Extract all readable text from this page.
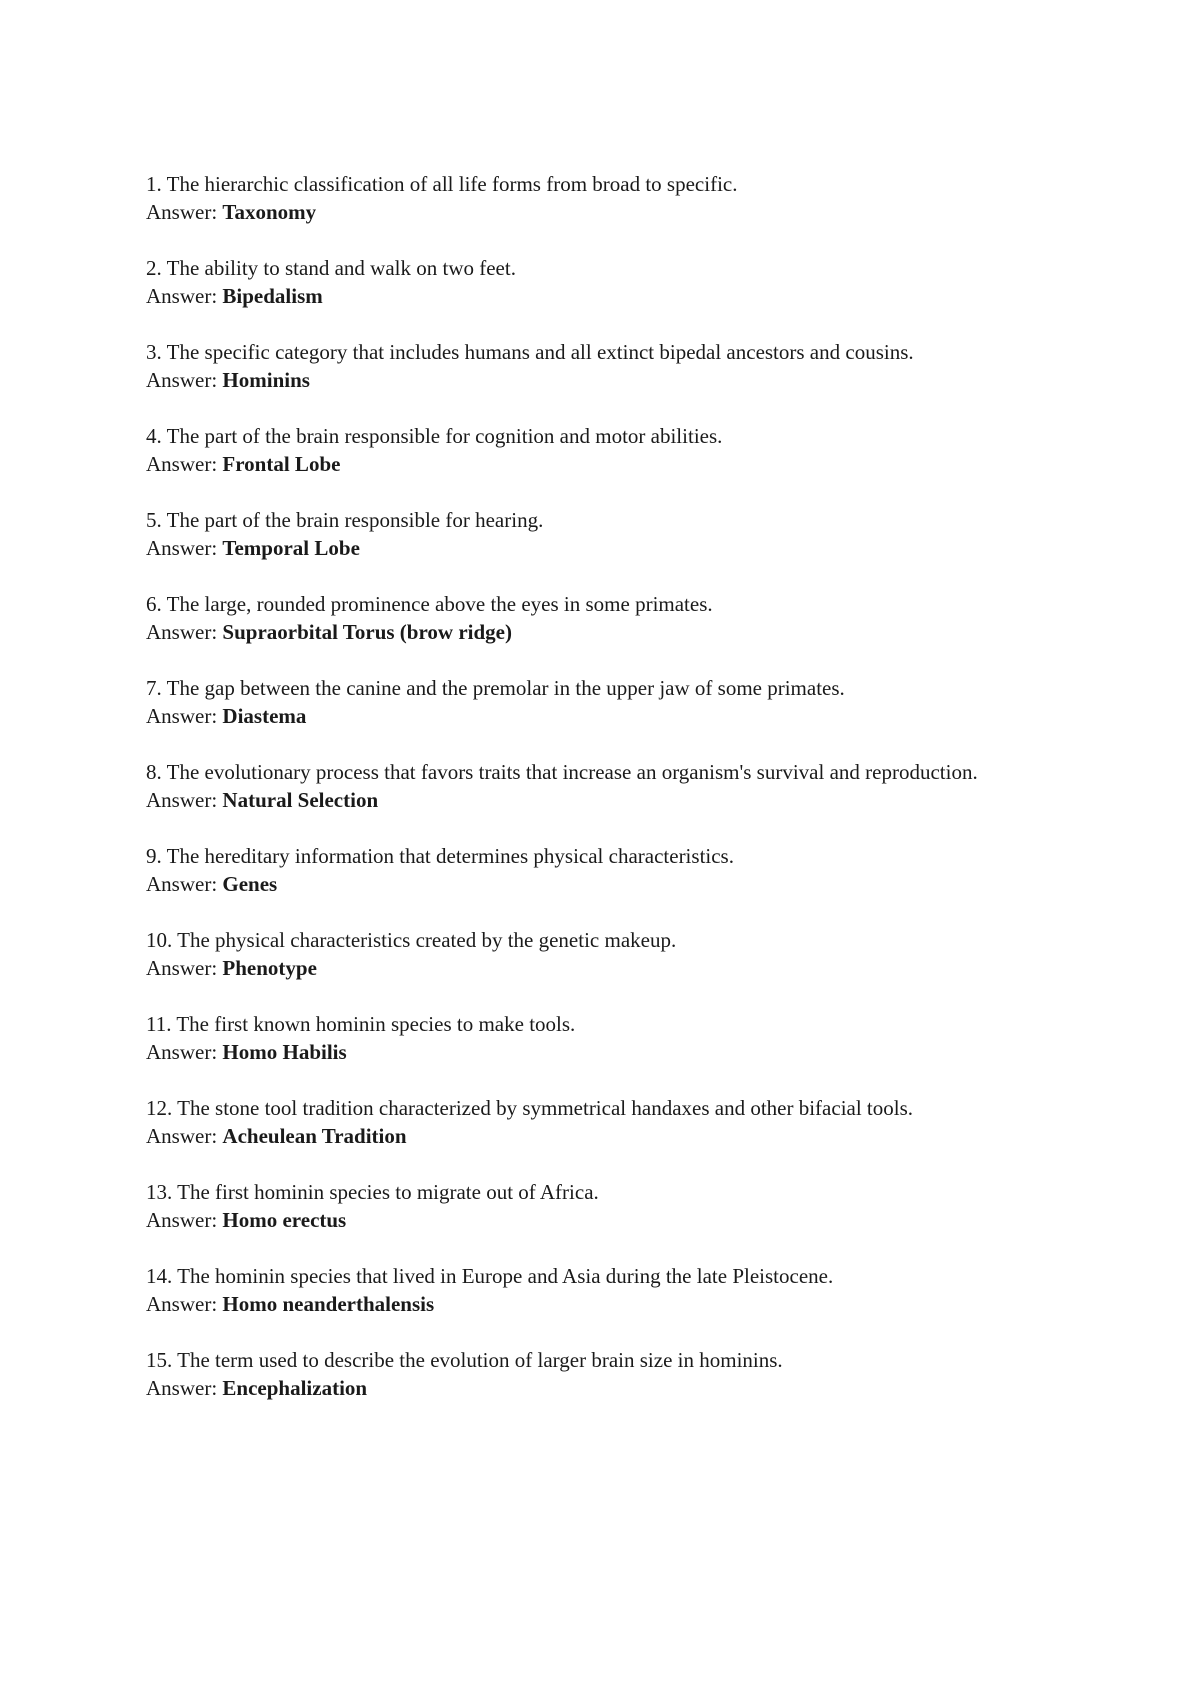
1. The hierarchic classification of all life forms from broad to specific.
Answer: Taxonomy
2. The ability to stand and walk on two feet.
Answer: Bipedalism
3. The specific category that includes humans and all extinct bipedal ancestors and cousins.
Answer: Hominins
4. The part of the brain responsible for cognition and motor abilities.
Answer: Frontal Lobe
5. The part of the brain responsible for hearing.
Answer: Temporal Lobe
6. The large, rounded prominence above the eyes in some primates.
Answer: Supraorbital Torus (brow ridge)
7. The gap between the canine and the premolar in the upper jaw of some primates.
Answer: Diastema
8. The evolutionary process that favors traits that increase an organism's survival and reproduction.
Answer: Natural Selection
9. The hereditary information that determines physical characteristics.
Answer: Genes
10. The physical characteristics created by the genetic makeup.
Answer: Phenotype
11. The first known hominin species to make tools.
Answer: Homo Habilis
12. The stone tool tradition characterized by symmetrical handaxes and other bifacial tools.
Answer: Acheulean Tradition
13. The first hominin species to migrate out of Africa.
Answer: Homo erectus
14. The hominin species that lived in Europe and Asia during the late Pleistocene.
Answer: Homo neanderthalensis
15. The term used to describe the evolution of larger brain size in hominins.
Answer: Encephalization
